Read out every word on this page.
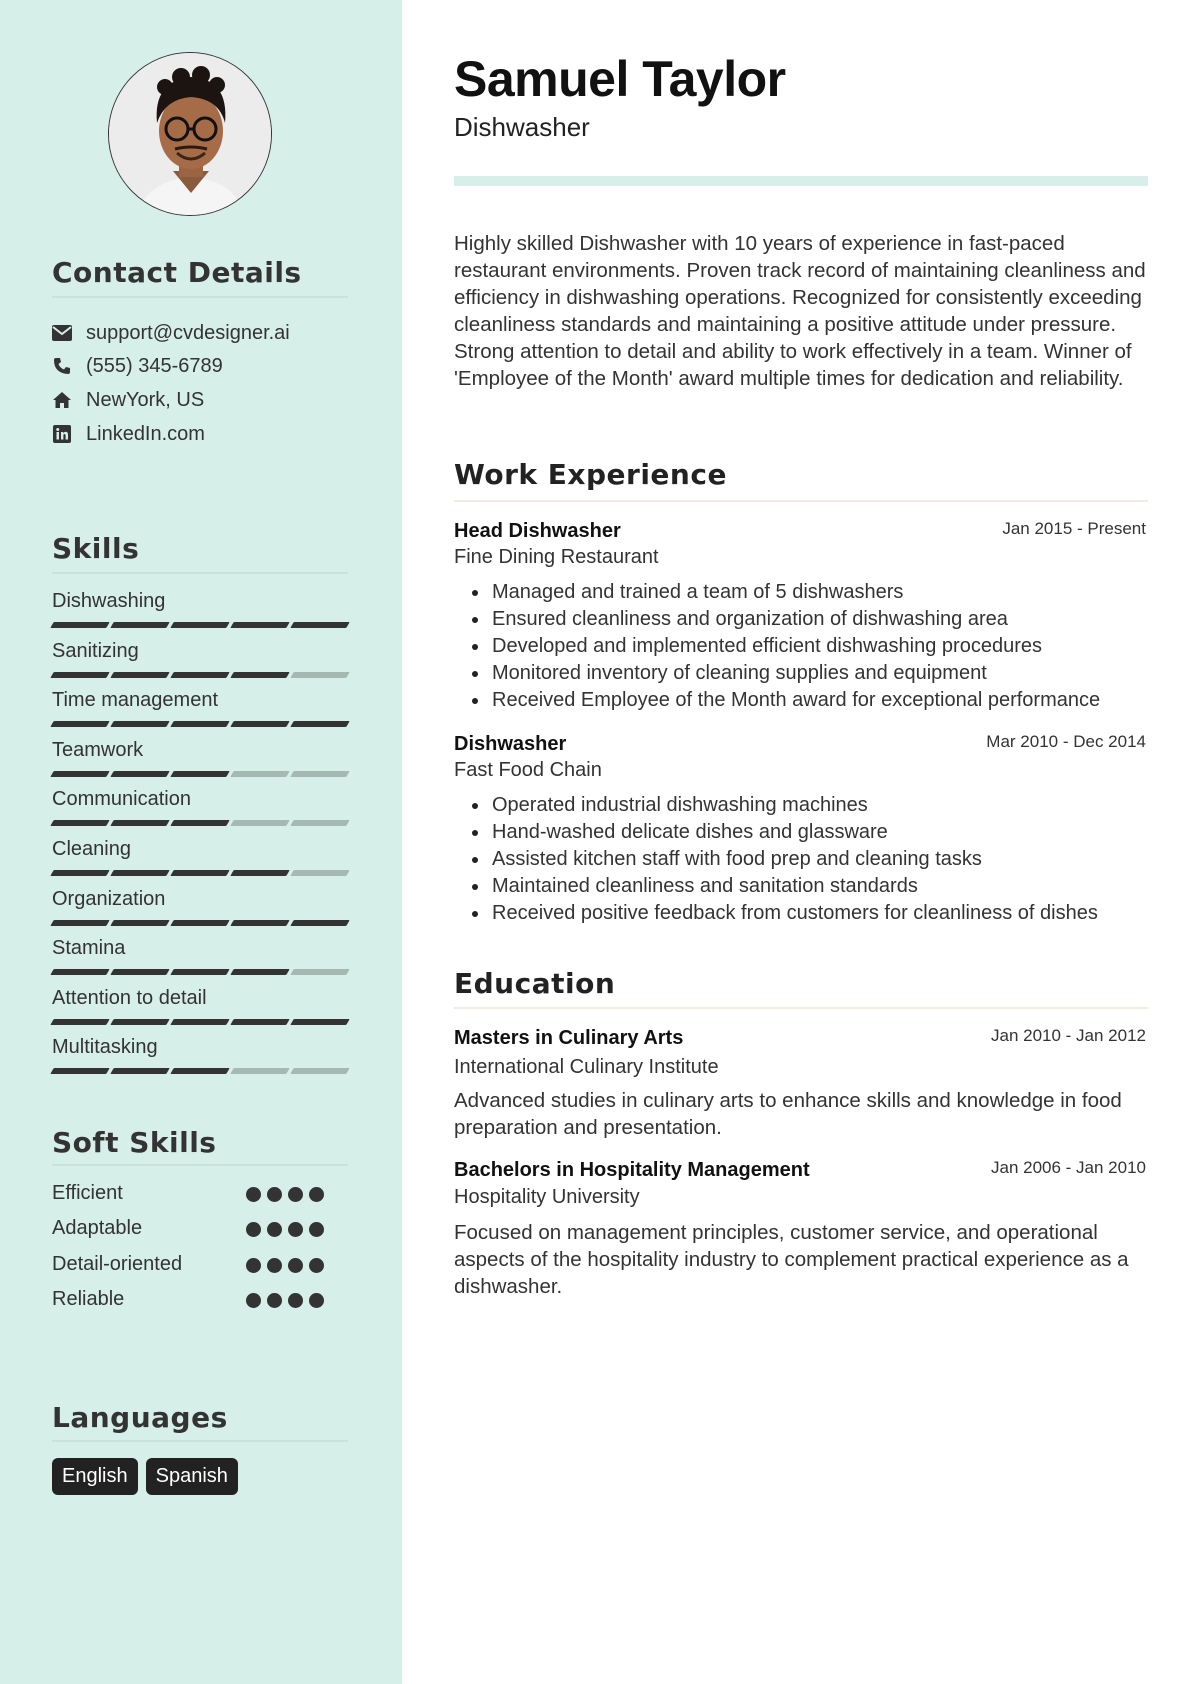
Contact Details
support@cvdesigner.ai
(555) 345-6789
NewYork, US
LinkedIn.com
Skills
Dishwashing
Sanitizing
Time management
Teamwork
Communication
Cleaning
Organization
Stamina
Attention to detail
Multitasking
Soft Skills
Efficient
Adaptable
Detail-oriented
Reliable
Languages
English	Spanish
Samuel Taylor
Dishwasher
Highly skilled Dishwasher with 10 years of experience in fast-paced restaurant environments. Proven track record of maintaining cleanliness and efficiency in dishwashing operations. Recognized for consistently exceeding cleanliness standards and maintaining a positive attitude under pressure. Strong attention to detail and ability to work effectively in a team. Winner of 'Employee of the Month' award multiple times for dedication and reliability.
Work Experience
Head Dishwasher	Jan 2015 - Present
Fine Dining Restaurant
Managed and trained a team of 5 dishwashers
Ensured cleanliness and organization of dishwashing area
Developed and implemented efficient dishwashing procedures
Monitored inventory of cleaning supplies and equipment
Received Employee of the Month award for exceptional performance
Dishwasher	Mar 2010 - Dec 2014
Fast Food Chain
Operated industrial dishwashing machines
Hand-washed delicate dishes and glassware
Assisted kitchen staff with food prep and cleaning tasks
Maintained cleanliness and sanitation standards
Received positive feedback from customers for cleanliness of dishes
Education
Masters in Culinary Arts	Jan 2010 - Jan 2012
International Culinary Institute
Advanced studies in culinary arts to enhance skills and knowledge in food preparation and presentation.
Bachelors in Hospitality Management	Jan 2006 - Jan 2010
Hospitality University
Focused on management principles, customer service, and operational aspects of the hospitality industry to complement practical experience as a dishwasher.
